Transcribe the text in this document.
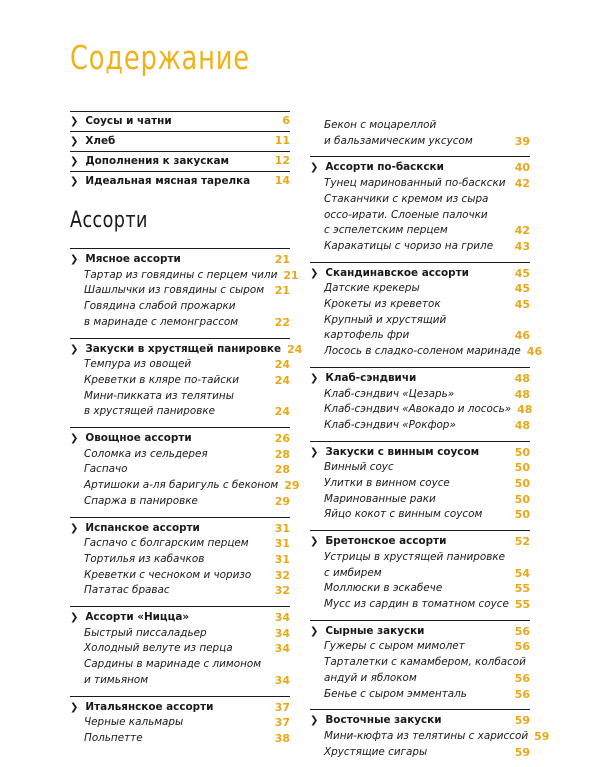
Содержание
❯ Соусы и чатни	6
❯ Хлеб	11
❯ Дополнения к закускам	12
❯ Идеальная мясная тарелка	14
Ассорти
❯ Мясное ассорти	21
Тартар из говядины с перцем чили 21
Шашлычки из говядины с сыром 21
Говядина слабой прожарки
в маринаде с лемонграссом	22
❯ Закуски в хрустящей панировке 24
Темпура из овощей	24
Креветки в кляре по-тайски	24
Мини-пикката из телятины
в хрустящей панировке	24
❯ Овощное ассорти	26
Соломка из сельдерея	28
Гаспачо	28
Артишоки а-ля баригуль с беконом 29
Спаржа в панировке	29
❯ Испанское ассорти	31
Гаспачо с болгарским перцем	31
Тортилья из кабачков	31
Креветки с чесноком и чоризо	32
Пататас бравас	32
❯ Ассорти «Ницца»	34
Быстрый писсаладьер	34
Холодный велуте из перца	34
Сардины в маринаде с лимоном
и тимьяном	34
❯ Итальянское ассорти	37
Черные кальмары	37
Польпетте	38
Бекон с моцареллой
и бальзамическим уксусом	39
❯ Ассорти по-баскски	40
Тунец маринованный по-баскски 42
Стаканчики с кремом из сыра
оссо-ирати. Слоеные палочки
с эспелетским перцем	42
Каракатицы с чоризо на гриле	43
❯ Скандинавское ассорти	45
Датские крекеры	45
Крокеты из креветок	45
Крупный и хрустящий
картофель фри	46
Лосось в сладко-соленом маринаде 46
❯ Клаб-сэндвичи	48
Клаб-сэндвич «Цезарь»	48
Клаб-сэндвич «Авокадо и лосось» 48
Клаб-сэндвич «Рокфор»	48
❯ Закуски с винным соусом	50
Винный соус	50
Улитки в винном соусе	50
Маринованные раки	50
Яйцо кокот с винным соусом	50
❯ Бретонское ассорти	52
Устрицы в хрустящей панировке
с имбирем	54
Моллюски в эскабече	55
Мусс из сардин в томатном соусе 55
❯ Сырные закуски	56
Гужеры с сыром мимолет	56
Тарталетки с камамбером, колбасой
андуй и яблоком	56
Бенье с сыром эмменталь	56
❯ Восточные закуски	59
Мини-кюфта из телятины с хариссой 59
Хрустящие сигары	59
